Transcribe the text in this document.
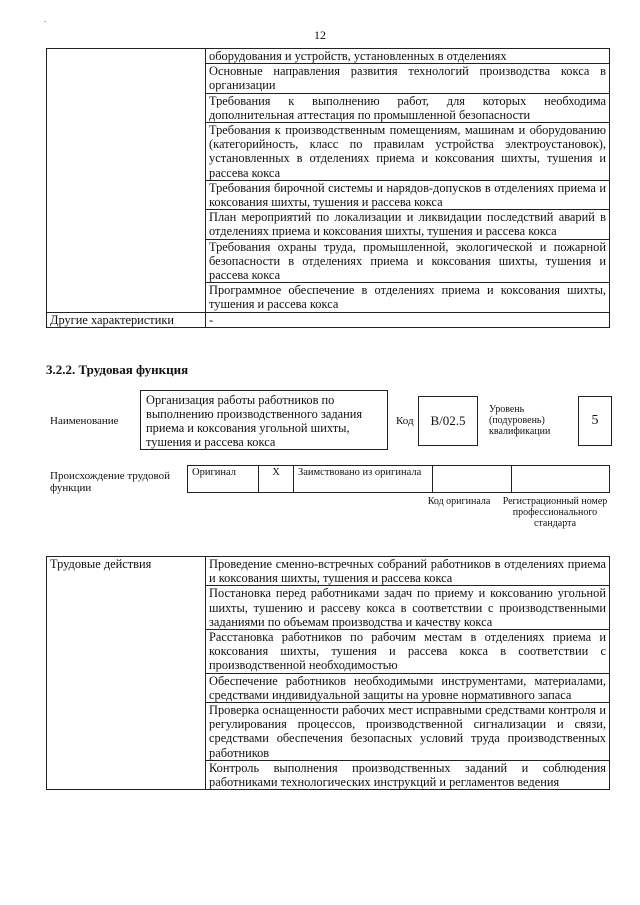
.
12
	оборудования и устройств, установленных в отделениях
	Основные направления развития технологий производства кокса в организации
	Требования к выполнению работ, для которых необходима дополнительная аттестация по промышленной безопасности
	Требования к производственным помещениям, машинам и оборудованию (категорийность, класс по правилам устройства электроустановок), установленных в отделениях приема и коксования шихты, тушения и рассева кокса
	Требования бирочной системы и нарядов-допусков в отделениях приема и коксования шихты, тушения и рассева кокса
	План мероприятий по локализации и ликвидации последствий аварий в отделениях приема и коксования шихты, тушения и рассева кокса
	Требования охраны труда, промышленной, экологической и пожарной безопасности в отделениях приема и коксования шихты, тушения и рассева кокса
	Программное обеспечение в отделениях приема и коксования шихты, тушения и рассева кокса
Другие характеристики	-
3.2.2. Трудовая функция
Наименование
Организация работы работников по выполнению производственного задания приема и коксования угольной шихты, тушения и рассева кокса
Код	B/02.5
Уровень (подуровень) квалификации
5
Происхождение трудовой функции
Оригинал	X	Заимствовано из оригинала		
Код оригинала	Регистрационный номер профессионального стандарта
Трудовые действия	Проведение сменно-встречных собраний работников в отделениях приема и коксования шихты, тушения и рассева кокса
Постановка перед работниками задач по приему и коксованию угольной шихты, тушению и рассеву кокса в соответствии с производственными заданиями по объемам производства и качеству кокса
Расстановка работников по рабочим местам в отделениях приема и коксования шихты, тушения и рассева кокса в соответствии с производственной необходимостью
Обеспечение работников необходимыми инструментами, материалами, средствами индивидуальной защиты на уровне нормативного запаса
Проверка оснащенности рабочих мест исправными средствами контроля и регулирования процессов, производственной сигнализации и связи, средствами обеспечения безопасных условий труда производственных работников
Контроль выполнения производственных заданий и соблюдения работниками технологических инструкций и регламентов ведения
